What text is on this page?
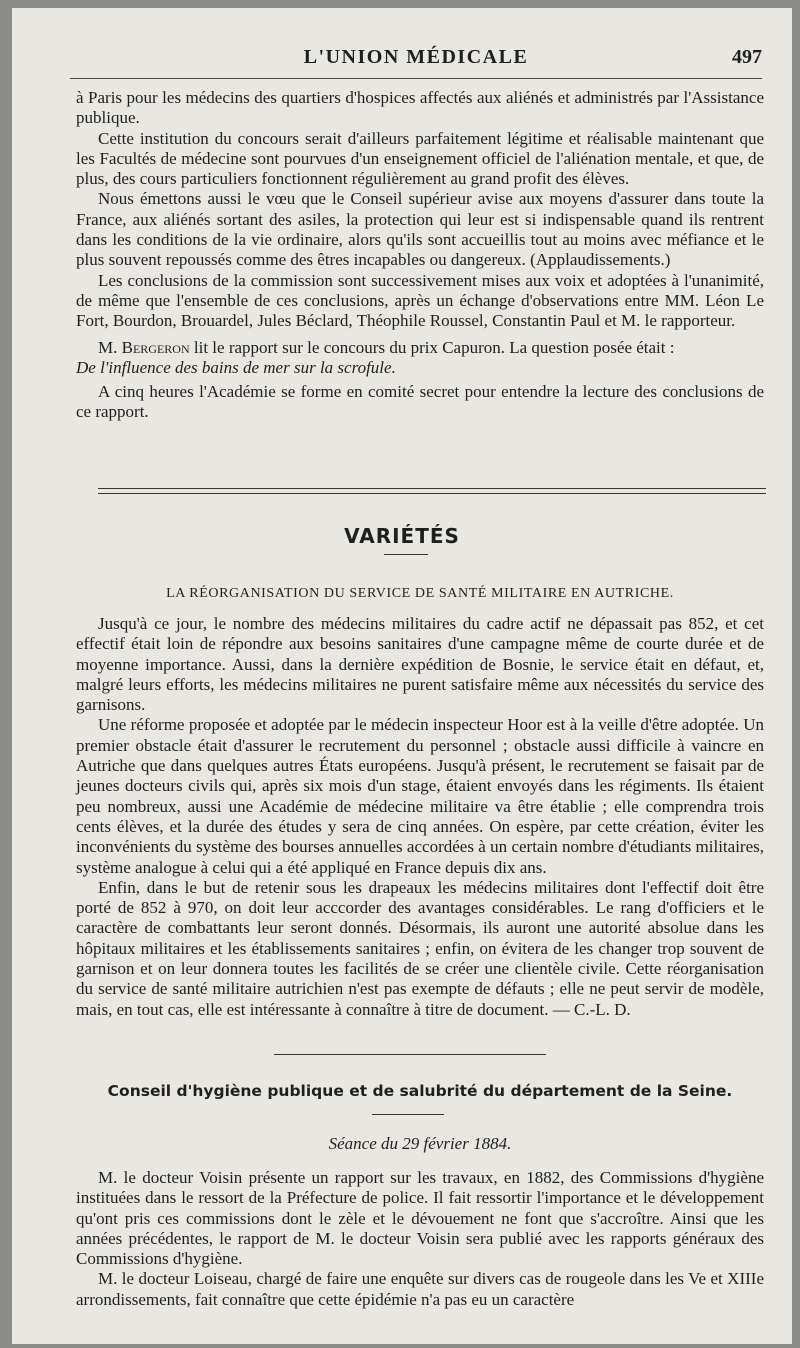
L'UNION MÉDICALE	497

à Paris pour les médecins des quartiers d'hospices affectés aux aliénés et administrés par l'Assistance publique.

Cette institution du concours serait d'ailleurs parfaitement légitime et réalisable maintenant que les Facultés de médecine sont pourvues d'un enseignement officiel de l'aliénation mentale, et que, de plus, des cours particuliers fonctionnent régulièrement au grand profit des élèves.

Nous émettons aussi le vœu que le Conseil supérieur avise aux moyens d'assurer dans toute la France, aux aliénés sortant des asiles, la protection qui leur est si indispensable quand ils rentrent dans les conditions de la vie ordinaire, alors qu'ils sont accueillis tout au moins avec méfiance et le plus souvent repoussés comme des êtres incapables ou dangereux. (Applaudissements.)

Les conclusions de la commission sont successivement mises aux voix et adoptées à l'unanimité, de même que l'ensemble de ces conclusions, après un échange d'observations entre MM. Léon Le Fort, Bourdon, Brouardel, Jules Béclard, Théophile Roussel, Constantin Paul et M. le rapporteur.

M. Bergeron lit le rapport sur le concours du prix Capuron. La question posée était :
De l'influence des bains de mer sur la scrofule.

A cinq heures l'Académie se forme en comité secret pour entendre la lecture des conclusions de ce rapport.

VARIÉTÉS
LA RÉORGANISATION DU SERVICE DE SANTÉ MILITAIRE EN AUTRICHE.

Jusqu'à ce jour, le nombre des médecins militaires du cadre actif ne dépassait pas 852, et cet effectif était loin de répondre aux besoins sanitaires d'une campagne même de courte durée et de moyenne importance. Aussi, dans la dernière expédition de Bosnie, le service était en défaut, et, malgré leurs efforts, les médecins militaires ne purent satisfaire même aux nécessités du service des garnisons.

Une réforme proposée et adoptée par le médecin inspecteur Hoor est à la veille d'être adoptée. Un premier obstacle était d'assurer le recrutement du personnel ; obstacle aussi difficile à vaincre en Autriche que dans quelques autres États européens. Jusqu'à présent, le recrutement se faisait par de jeunes docteurs civils qui, après six mois d'un stage, étaient envoyés dans les régiments. Ils étaient peu nombreux, aussi une Académie de médecine militaire va être établie ; elle comprendra trois cents élèves, et la durée des études y sera de cinq années. On espère, par cette création, éviter les inconvénients du système des bourses annuelles accordées à un certain nombre d'étudiants militaires, système analogue à celui qui a été appliqué en France depuis dix ans.

Enfin, dans le but de retenir sous les drapeaux les médecins militaires dont l'effectif doit être porté de 852 à 970, on doit leur acccorder des avantages considérables. Le rang d'officiers et le caractère de combattants leur seront donnés. Désormais, ils auront une autorité absolue dans les hôpitaux militaires et les établissements sanitaires ; enfin, on évitera de les changer trop souvent de garnison et on leur donnera toutes les facilités de se créer une clientèle civile. Cette réorganisation du service de santé militaire autrichien n'est pas exempte de défauts ; elle ne peut servir de modèle, mais, en tout cas, elle est intéressante à connaître à titre de document. — C.-L. D.

Conseil d'hygiène publique et de salubrité du département de la Seine.
Séance du 29 février 1884.

M. le docteur Voisin présente un rapport sur les travaux, en 1882, des Commissions d'hygiène instituées dans le ressort de la Préfecture de police. Il fait ressortir l'importance et le développement qu'ont pris ces commissions dont le zèle et le dévouement ne font que s'accroître. Ainsi que les années précédentes, le rapport de M. le docteur Voisin sera publié avec les rapports généraux des Commissions d'hygiène.

M. le docteur Loiseau, chargé de faire une enquête sur divers cas de rougeole dans les Ve et XIIIe arrondissements, fait connaître que cette épidémie n'a pas eu un caractère
